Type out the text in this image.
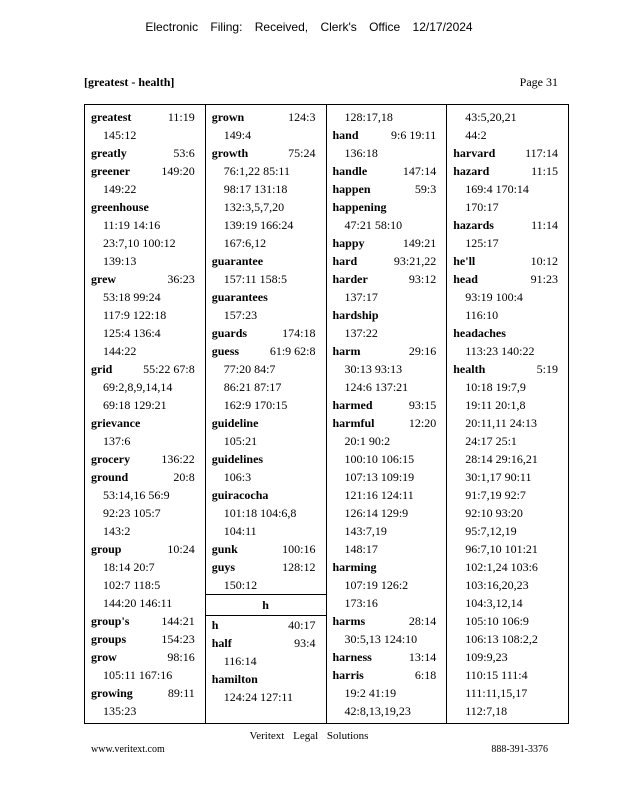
Electronic Filing: Received, Clerk's Office 12/17/2024
[greatest - health]	Page 31
greatest	11:19
145:12
greatly	53:6
greener	149:20
149:22
greenhouse
11:19 14:16
23:7,10 100:12
139:13
grew	36:23
53:18 99:24
117:9 122:18
125:4 136:4
144:22
grid	55:22 67:8
69:2,8,9,14,14
69:18 129:21
grievance
137:6
grocery	136:22
ground	20:8
53:14,16 56:9
92:23 105:7
143:2
group	10:24
18:14 20:7
102:7 118:5
144:20 146:11
group's	144:21
groups	154:23
grow	98:16
105:11 167:16
growing	89:11
135:23
grown	124:3
149:4
growth	75:24
76:1,22 85:11
98:17 131:18
132:3,5,7,20
139:19 166:24
167:6,12
guarantee
157:11 158:5
guarantees
157:23
guards	174:18
guess	61:9 62:8
77:20 84:7
86:21 87:17
162:9 170:15
guideline
105:21
guidelines
106:3
guiracocha
101:18 104:6,8
104:11
gunk	100:16
guys	128:12
150:12
h
h	40:17
half	93:4
116:14
hamilton
124:24 127:11
128:17,18
hand	9:6 19:11
136:18
handle	147:14
happen	59:3
happening
47:21 58:10
happy	149:21
hard	93:21,22
harder	93:12
137:17
hardship
137:22
harm	29:16
30:13 93:13
124:6 137:21
harmed	93:15
harmful	12:20
20:1 90:2
100:10 106:15
107:13 109:19
121:16 124:11
126:14 129:9
143:7,19
148:17
harming
107:19 126:2
173:16
harms	28:14
30:5,13 124:10
harness	13:14
harris	6:18
19:2 41:19
42:8,13,19,23
43:5,20,21
44:2
harvard	117:14
hazard	11:15
169:4 170:14
170:17
hazards	11:14
125:17
he'll	10:12
head	91:23
93:19 100:4
116:10
headaches
113:23 140:22
health	5:19
10:18 19:7,9
19:11 20:1,8
20:11,11 24:13
24:17 25:1
28:14 29:16,21
30:1,17 90:11
91:7,19 92:7
92:10 93:20
95:7,12,19
96:7,10 101:21
102:1,24 103:6
103:16,20,23
104:3,12,14
105:10 106:9
106:13 108:2,2
109:9,23
110:15 111:4
111:11,15,17
112:7,18
Veritext Legal Solutions
www.veritext.com	888-391-3376
